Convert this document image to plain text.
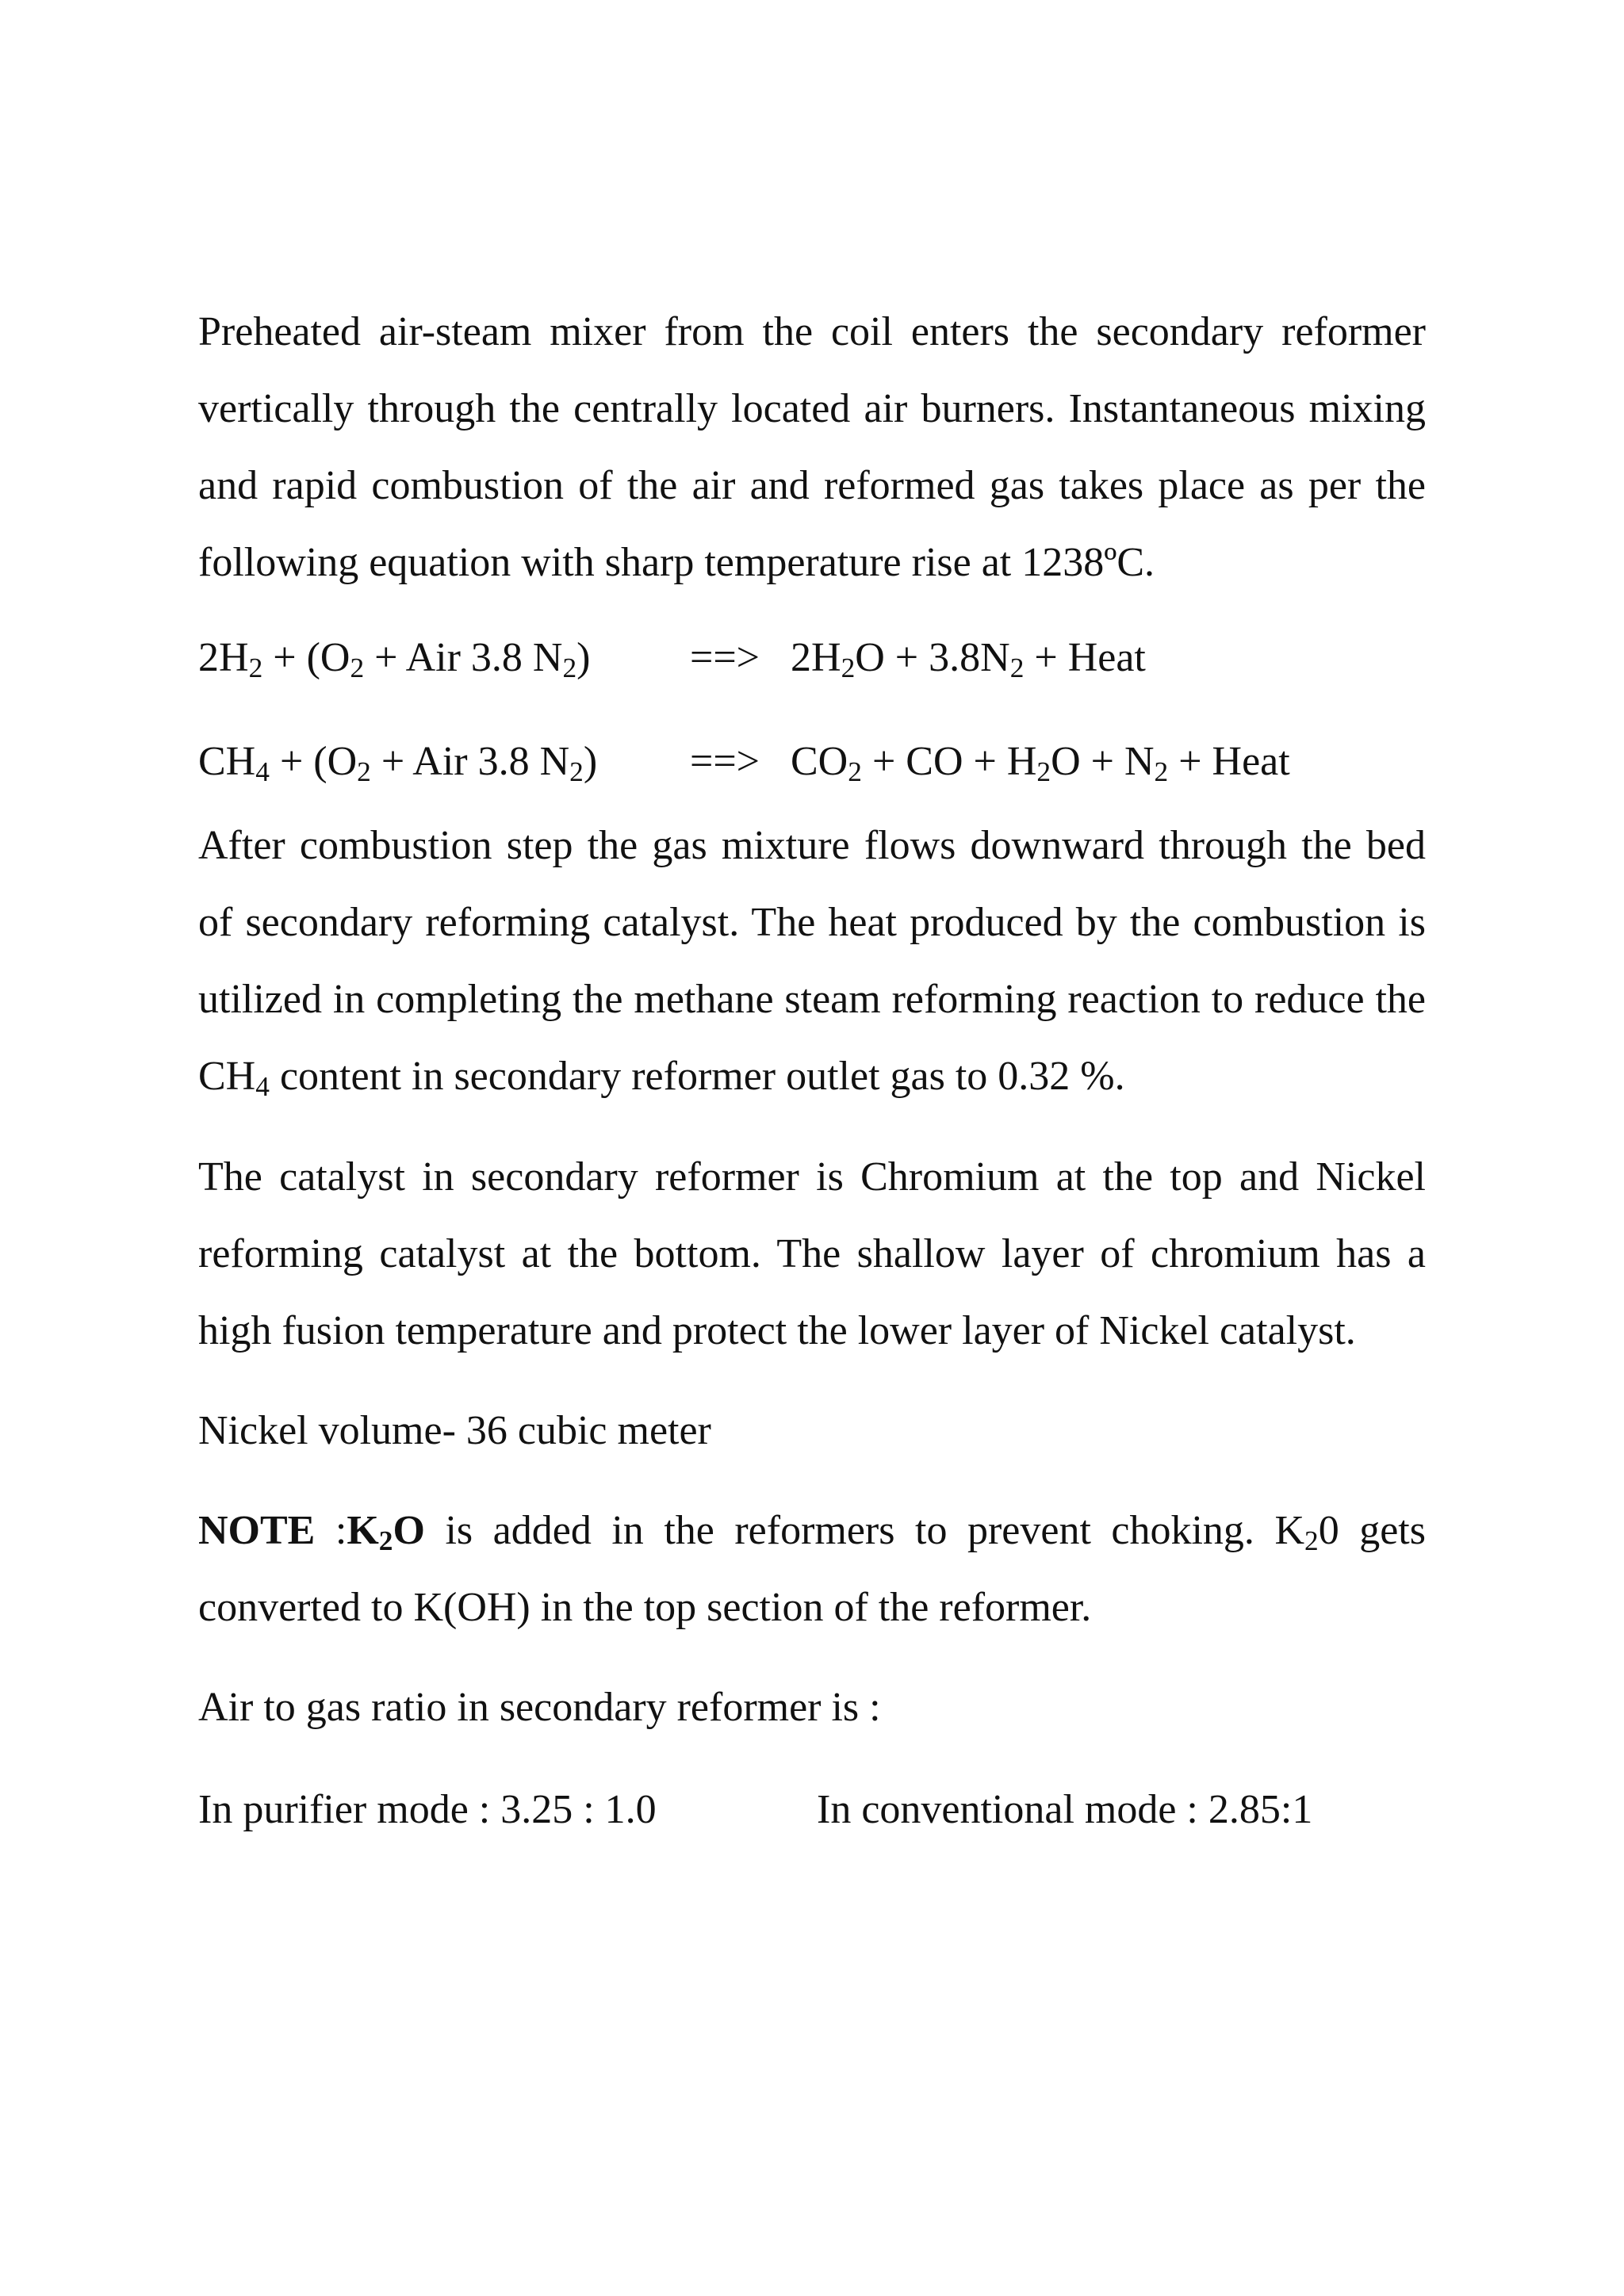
Preheated air-steam mixer from the coil enters the secondary reformer vertically through the centrally located air burners. Instantaneous mixing and rapid combustion of the air and reformed gas takes place as per the following equation with sharp temperature rise at 1238ºC.

$2H_2 + (O_2$ + Air 3.8 $N_2$) ==> $2H_2O + 3.8N_2$ + Heat
$CH_4 + (O_2$ + Air 3.8 $N_2$) ==> $CO_2$ + CO + $H_2O + N_2$ + Heat

After combustion step the gas mixture flows downward through the bed of secondary reforming catalyst. The heat produced by the combustion is utilized in completing the methane steam reforming reaction to reduce the $CH_4$ content in secondary reformer outlet gas to 0.32 %.

The catalyst in secondary reformer is Chromium at the top and Nickel reforming catalyst at the bottom. The shallow layer of chromium has a high fusion temperature and protect the lower layer of Nickel catalyst.

Nickel volume- 36 cubic meter

NOTE $:K_2O$ is added in the reformers to prevent choking. $K_20$ gets converted to K(OH) in the top section of the reformer.

Air to gas ratio in secondary reformer is :

In purifier mode : 3.25 : 1.0	In conventional mode : 2.85:1
